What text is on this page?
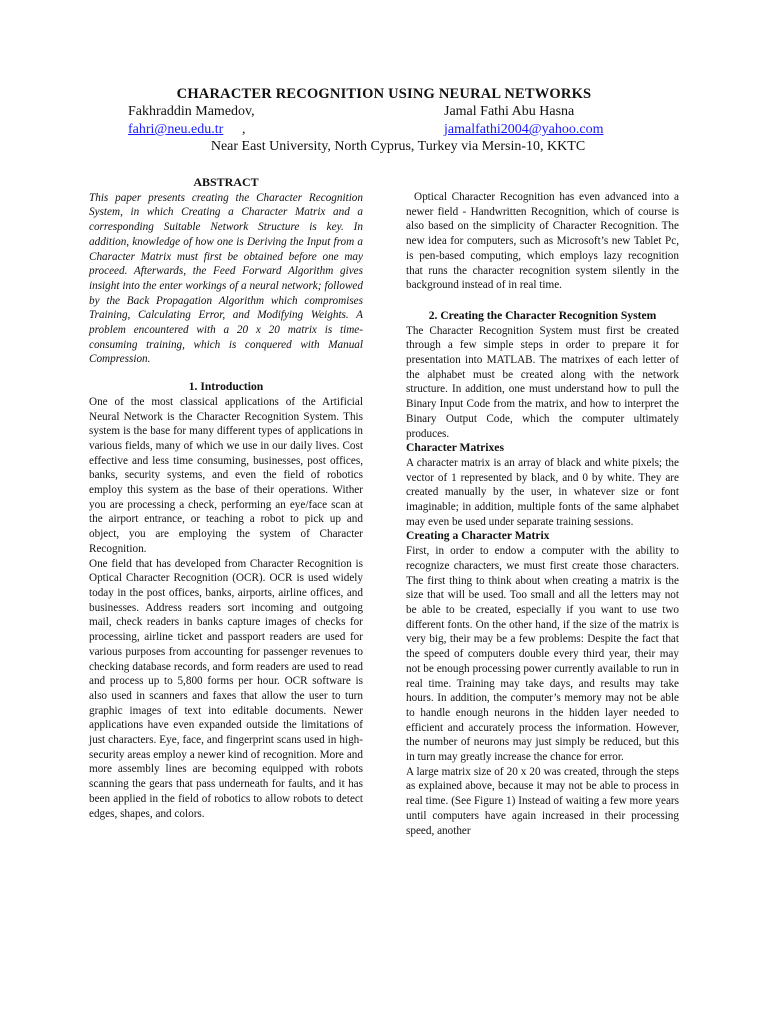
CHARACTER RECOGNITION USING NEURAL NETWORKS
Fakhraddin Mamedov,	Jamal Fathi Abu Hasna
fahri@neu.edu.tr ,	jamalfathi2004@yahoo.com
Near East University, North Cyprus, Turkey via Mersin-10, KKTC

ABSTRACT

This paper presents creating the Character Recognition System, in which Creating a Character Matrix and a corresponding Suitable Network Structure is key. In addition, knowledge of how one is Deriving the Input from a Character Matrix must first be obtained before one may proceed. Afterwards, the Feed Forward Algorithm gives insight into the enter workings of a neural network; followed by the Back Propagation Algorithm which compromises Training, Calculating Error, and Modifying Weights. A problem encountered with a 20 x 20 matrix is time-consuming training, which is conquered with Manual Compression.

1. Introduction

One of the most classical applications of the Artificial Neural Network is the Character Recognition System. This system is the base for many different types of applications in various fields, many of which we use in our daily lives. Cost effective and less time consuming, businesses, post offices, banks, security systems, and even the field of robotics employ this system as the base of their operations. Wither you are processing a check, performing an eye/face scan at the airport entrance, or teaching a robot to pick up and object, you are employing the system of Character Recognition.

One field that has developed from Character Recognition is Optical Character Recognition (OCR). OCR is used widely today in the post offices, banks, airports, airline offices, and businesses. Address readers sort incoming and outgoing mail, check readers in banks capture images of checks for processing, airline ticket and passport readers are used for various purposes from accounting for passenger revenues to checking database records, and form readers are used to read and process up to 5,800 forms per hour. OCR software is also used in scanners and faxes that allow the user to turn graphic images of text into editable documents. Newer applications have even expanded outside the limitations of just characters. Eye, face, and fingerprint scans used in high-security areas employ a newer kind of recognition. More and more assembly lines are becoming equipped with robots scanning the gears that pass underneath for faults, and it has been applied in the field of robotics to allow robots to detect edges, shapes, and colors.

Optical Character Recognition has even advanced into a newer field - Handwritten Recognition, which of course is also based on the simplicity of Character Recognition. The new idea for computers, such as Microsoft’s new Tablet Pc, is pen-based computing, which employs lazy recognition that runs the character recognition system silently in the background instead of in real time.

2. Creating the Character Recognition System

The Character Recognition System must first be created through a few simple steps in order to prepare it for presentation into MATLAB. The matrixes of each letter of the alphabet must be created along with the network structure. In addition, one must understand how to pull the Binary Input Code from the matrix, and how to interpret the Binary Output Code, which the computer ultimately produces.

Character Matrixes

A character matrix is an array of black and white pixels; the vector of 1 represented by black, and 0 by white. They are created manually by the user, in whatever size or font imaginable; in addition, multiple fonts of the same alphabet may even be used under separate training sessions.

Creating a Character Matrix

First, in order to endow a computer with the ability to recognize characters, we must first create those characters. The first thing to think about when creating a matrix is the size that will be used. Too small and all the letters may not be able to be created, especially if you want to use two different fonts. On the other hand, if the size of the matrix is very big, their may be a few problems: Despite the fact that the speed of computers double every third year, their may not be enough processing power currently available to run in real time. Training may take days, and results may take hours. In addition, the computer’s memory may not be able to handle enough neurons in the hidden layer needed to efficient and accurately process the information. However, the number of neurons may just simply be reduced, but this in turn may greatly increase the chance for error.

A large matrix size of 20 x 20 was created, through the steps as explained above, because it may not be able to process in real time. (See Figure 1) Instead of waiting a few more years until computers have again increased in their processing speed, another
